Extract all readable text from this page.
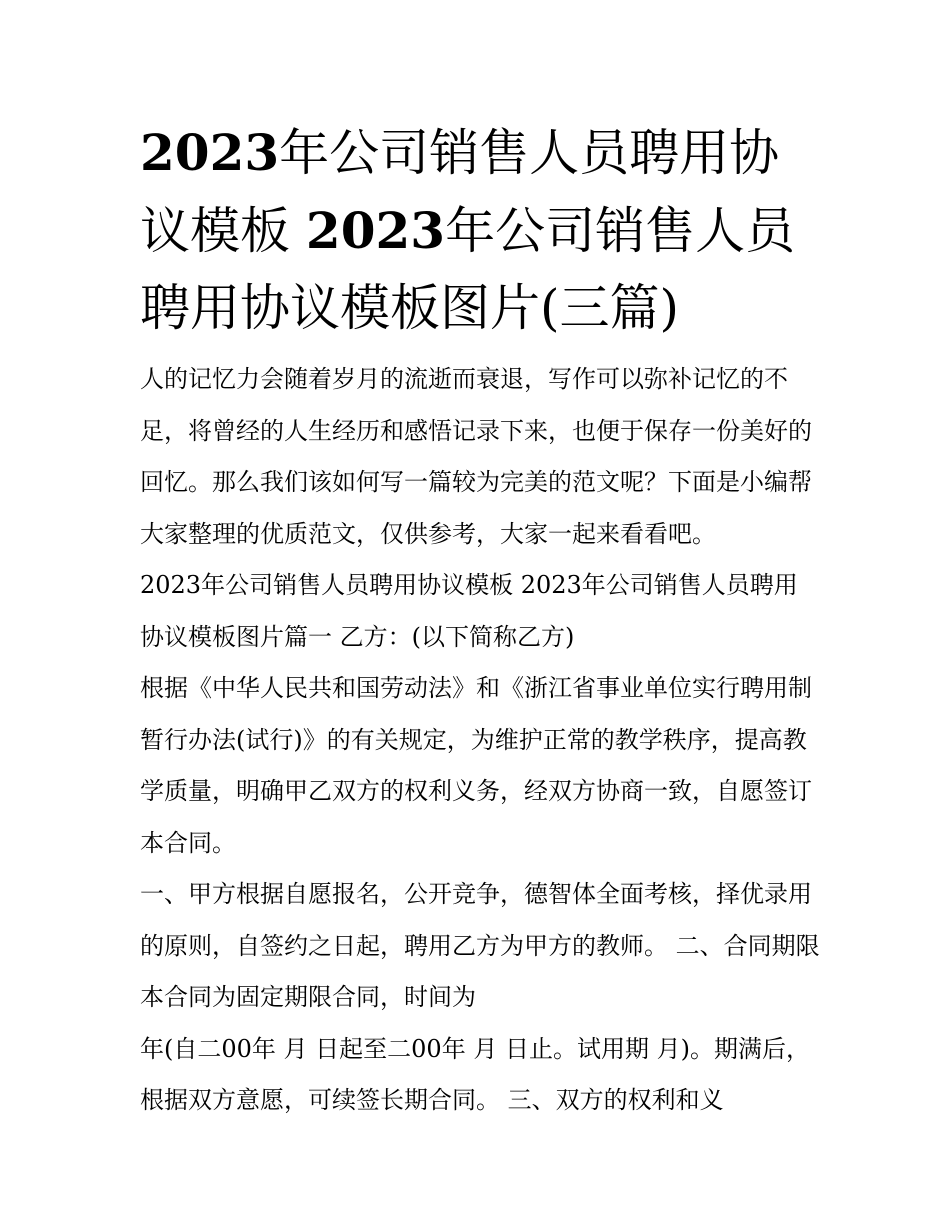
2023年公司销售人员聘用协议模板 2023年公司销售人员聘用协议模板图片(三篇)

人的记忆力会随着岁月的流逝而衰退，写作可以弥补记忆的不足，将曾经的人生经历和感悟记录下来，也便于保存一份美好的回忆。那么我们该如何写一篇较为完美的范文呢？下面是小编帮大家整理的优质范文，仅供参考，大家一起来看看吧。

2023年公司销售人员聘用协议模板 2023年公司销售人员聘用协议模板图片篇一 乙方：(以下简称乙方)

根据《中华人民共和国劳动法》和《浙江省事业单位实行聘用制暂行办法(试行)》的有关规定，为维护正常的教学秩序，提高教学质量，明确甲乙双方的权利义务，经双方协商一致，自愿签订本合同。

一、甲方根据自愿报名，公开竞争，德智体全面考核，择优录用的原则，自签约之日起，聘用乙方为甲方的教师。 二、合同期限 本合同为固定期限合同，时间为

年(自二00年 月 日起至二00年 月 日止。试用期 月)。期满后，根据双方意愿，可续签长期合同。 三、双方的权利和义
